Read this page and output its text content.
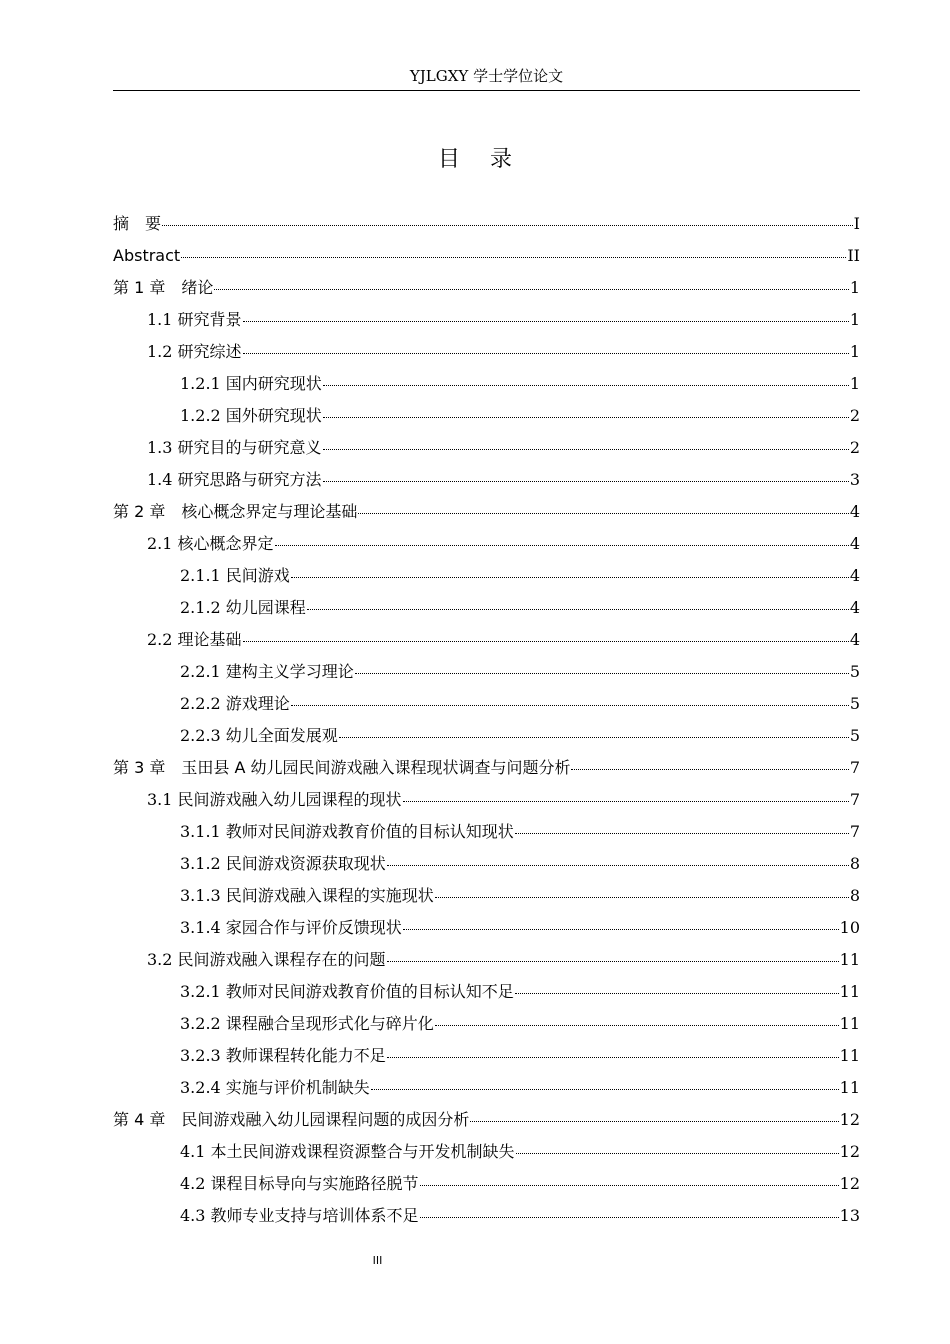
YJLGXY 学士学位论文
目录
摘　要	I
Abstract	II
第 1 章　绪论	1
1.1 研究背景	1
1.2 研究综述	1
1.2.1 国内研究现状	1
1.2.2 国外研究现状	2
1.3 研究目的与研究意义	2
1.4 研究思路与研究方法	3
第 2 章　核心概念界定与理论基础	4
2.1 核心概念界定	4
2.1.1 民间游戏	4
2.1.2 幼儿园课程	4
2.2 理论基础	4
2.2.1 建构主义学习理论	5
2.2.2 游戏理论	5
2.2.3 幼儿全面发展观	5
第 3 章　玉田县 A 幼儿园民间游戏融入课程现状调查与问题分析	7
3.1 民间游戏融入幼儿园课程的现状	7
3.1.1 教师对民间游戏教育价值的目标认知现状	7
3.1.2 民间游戏资源获取现状	8
3.1.3 民间游戏融入课程的实施现状	8
3.1.4 家园合作与评价反馈现状	10
3.2 民间游戏融入课程存在的问题	11
3.2.1 教师对民间游戏教育价值的目标认知不足	11
3.2.2 课程融合呈现形式化与碎片化	11
3.2.3 教师课程转化能力不足	11
3.2.4 实施与评价机制缺失	11
第 4 章　民间游戏融入幼儿园课程问题的成因分析	12
4.1 本土民间游戏课程资源整合与开发机制缺失	12
4.2 课程目标导向与实施路径脱节	12
4.3 教师专业支持与培训体系不足	13
III
